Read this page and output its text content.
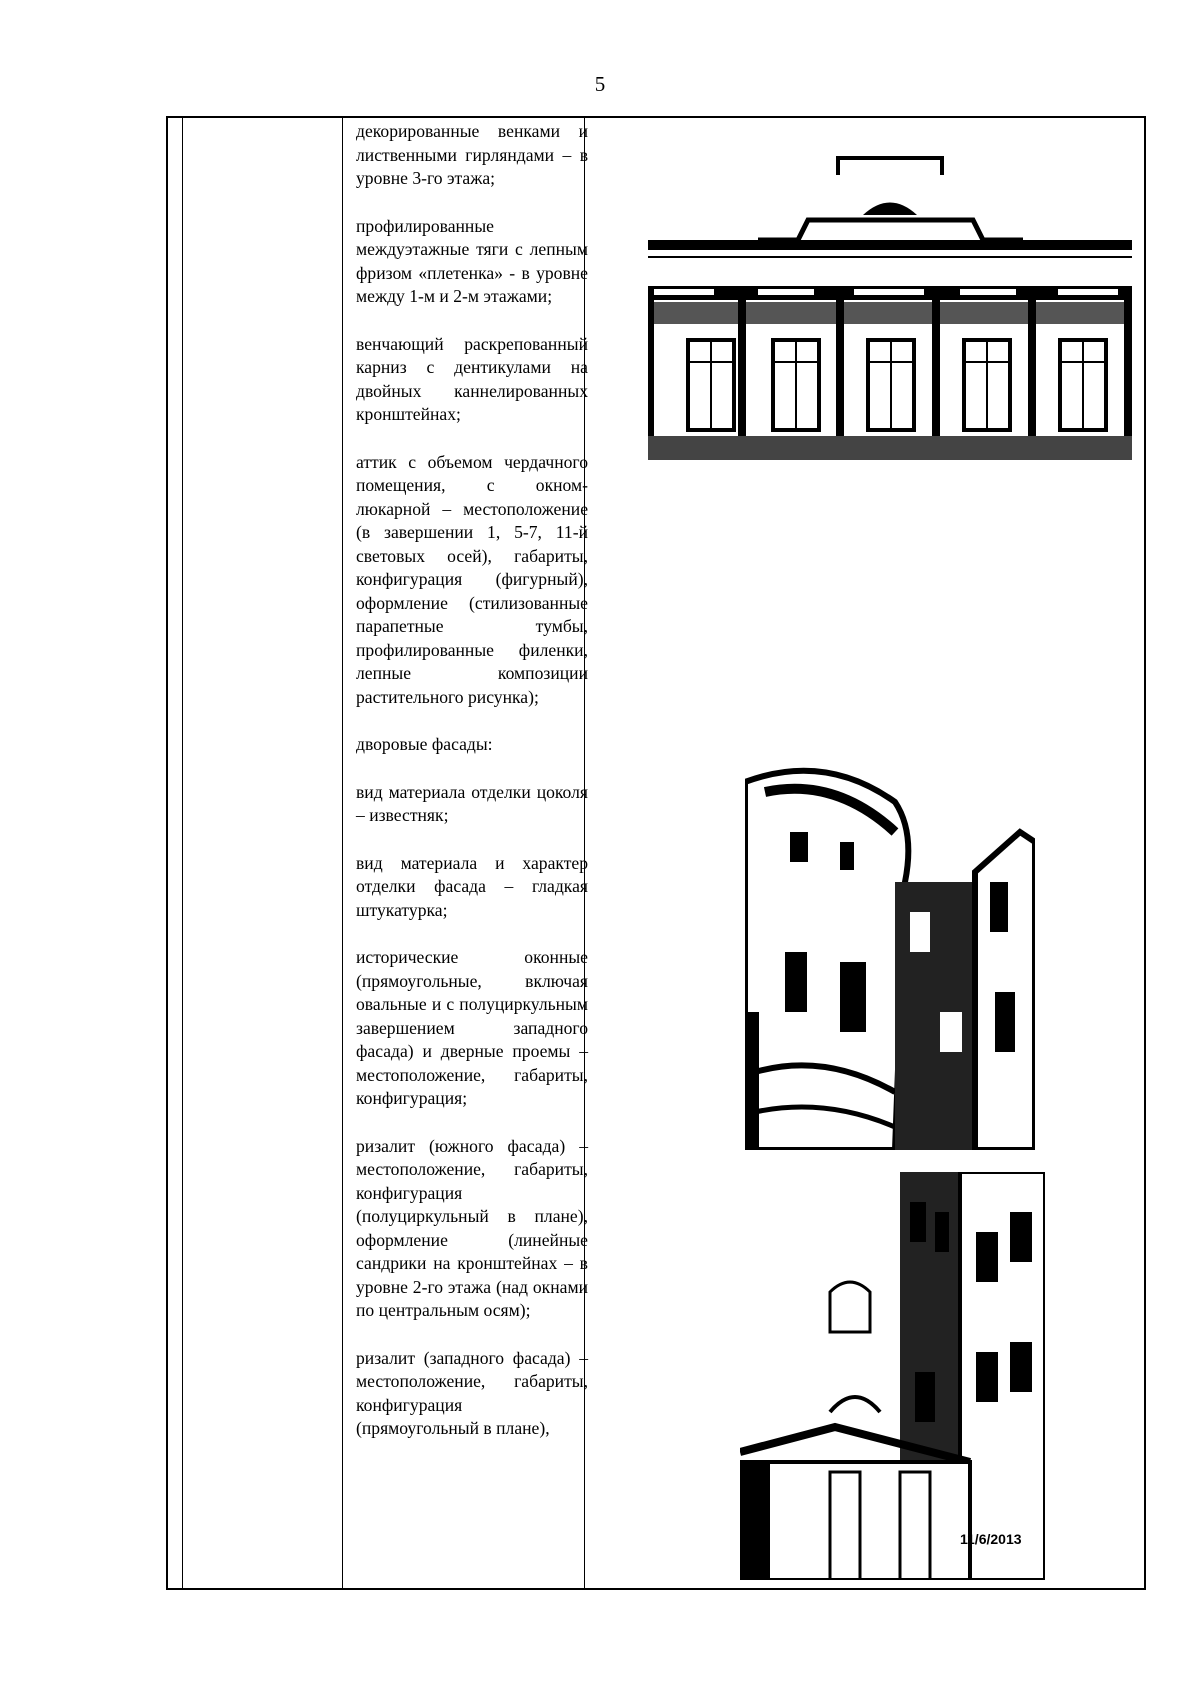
5

декорированные венками и лиственными гирляндами – в уровне 3-го этажа;

профилированные междуэтажные тяги с лепным фризом «плетенка» - в уровне между 1-м и 2-м этажами;

венчающий раскрепованный карниз с дентикулами на двойных каннелированных кронштейнах;

аттик с объемом чердачного помещения, с окном-люкарной – местоположение (в завершении 1, 5-7, 11-й световых осей), габариты, конфигурация (фигурный), оформление (стилизованные парапетные тумбы, профилированные филенки, лепные композиции растительного рисунка);

дворовые фасады:

вид материала отделки цоколя – известняк;

вид материала и характер отделки фасада – гладкая штукатурка;

исторические оконные (прямоугольные, включая овальные и с полуциркульным завершением западного фасада) и дверные проемы – местоположение, габариты, конфигурация;

ризалит (южного фасада) – местоположение, габариты, конфигурация (полуциркульный в плане), оформление (линейные сандрики на кронштейнах – в уровне 2-го этажа (над окнами по центральным осям);

ризалит (западного фасада) – местоположение, габариты, конфигурация (прямоугольный в плане),

11/6/2013
